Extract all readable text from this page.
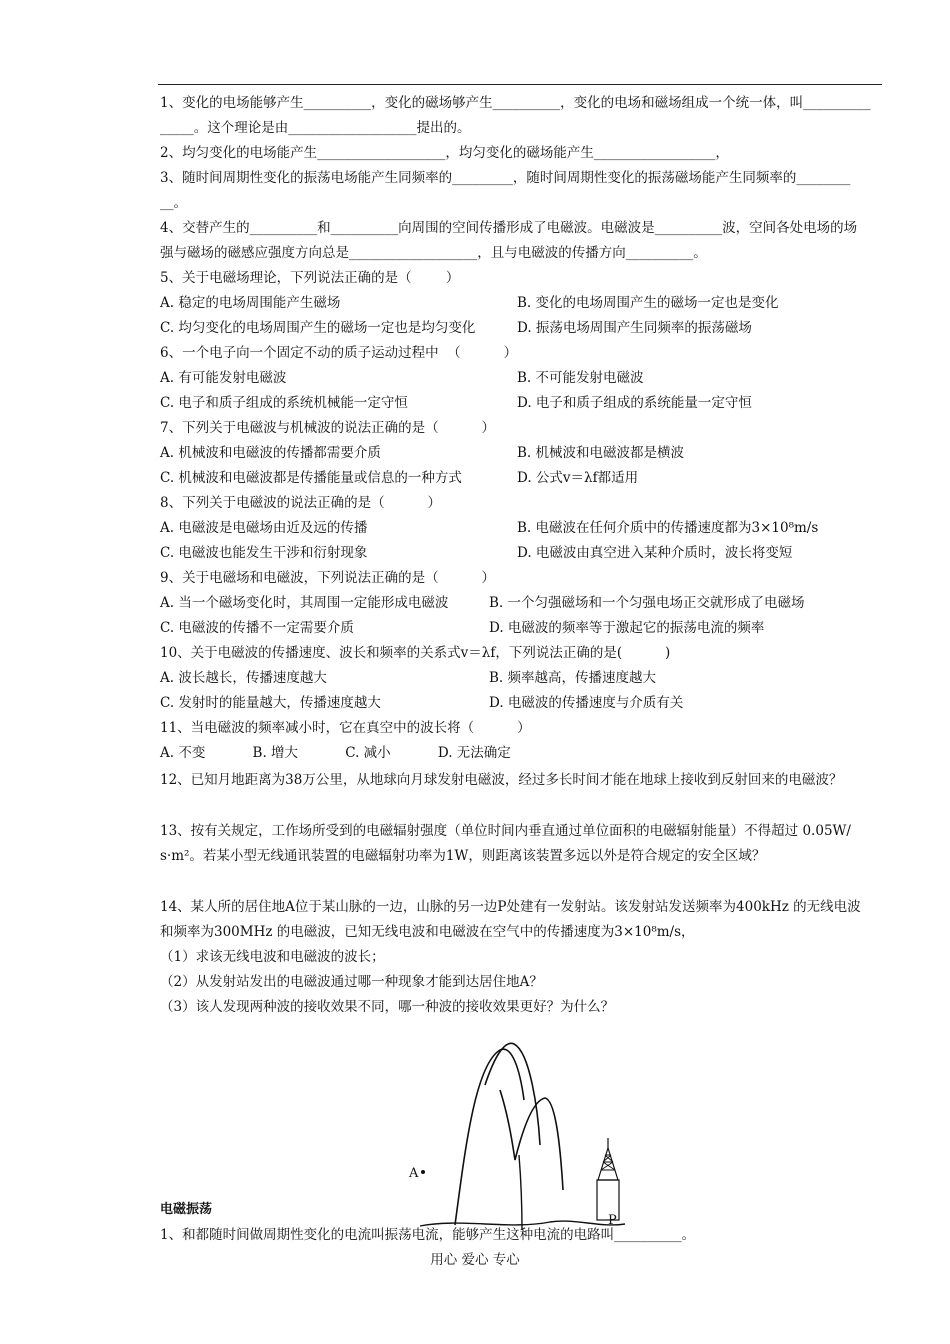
1、变化的电场能够产生__________，变化的磁场够产生__________，变化的电场和磁场组成一个统一体，叫__________
_____。这个理论是由___________________提出的。
2、均匀变化的电场能产生___________________，均匀变化的磁场能产生__________________，
3、随时间周期性变化的振荡电场能产生同频率的_________，随时间周期性变化的振荡磁场能产生同频率的________
__。
4、交替产生的__________和__________向周围的空间传播形成了电磁波。电磁波是__________波，空间各处电场的场
强与磁场的磁感应强度方向总是___________________，且与电磁波的传播方向__________。
5、关于电磁场理论，下列说法正确的是（        ）
A. 稳定的电场周围能产生磁场	B. 变化的电场周围产生的磁场一定也是变化
C. 均匀变化的电场周围产生的磁场一定也是均匀变化	D. 振荡电场周围产生同频率的振荡磁场
6、一个电子向一个固定不动的质子运动过程中  （          ）
A. 有可能发射电磁波	B. 不可能发射电磁波
C. 电子和质子组成的系统机械能一定守恒	D. 电子和质子组成的系统能量一定守恒
7、下列关于电磁波与机械波的说法正确的是（          ）
A. 机械波和电磁波的传播都需要介质	B. 机械波和电磁波都是横波
C. 机械波和电磁波都是传播能量或信息的一种方式	D. 公式v＝λf都适用
8、下列关于电磁波的说法正确的是（          ）
A. 电磁波是电磁场由近及远的传播	B. 电磁波在任何介质中的传播速度都为3×10⁸m/s
C. 电磁波也能发生干涉和衍射现象	D. 电磁波由真空进入某种介质时，波长将变短
9、关于电磁场和电磁波，下列说法正确的是（          ）
A. 当一个磁场变化时，其周围一定能形成电磁波	B. 一个匀强磁场和一个匀强电场正交就形成了电磁场
C. 电磁波的传播不一定需要介质	D. 电磁波的频率等于激起它的振荡电流的频率
10、关于电磁波的传播速度、波长和频率的关系式v＝λf，下列说法正确的是(          )
A. 波长越长，传播速度越大	B. 频率越高，传播速度越大
C. 发射时的能量越大，传播速度越大	D. 电磁波的传播速度与介质有关
11、当电磁波的频率减小时，它在真空中的波长将（          ）
A. 不变           B. 增大           C. 减小           D. 无法确定
12、已知月地距离为38万公里，从地球向月球发射电磁波，经过多长时间才能在地球上接收到反射回来的电磁波？
13、按有关规定，工作场所受到的电磁辐射强度（单位时间内垂直通过单位面积的电磁辐射能量）不得超过 0.05W/
s·m²。若某小型无线通讯装置的电磁辐射功率为1W，则距离该装置多远以外是符合规定的安全区域？
14、某人所的居住地A位于某山脉的一边，山脉的另一边P处建有一发射站。该发射站发送频率为400kHz 的无线电波
和频率为300MHz 的电磁波，已知无线电波和电磁波在空气中的传播速度为3×10⁸m/s，
（1）求该无线电波和电磁波的波长；
（2）从发射站发出的电磁波通过哪一种现象才能到达居住地A？
（3）该人发现两种波的接收效果不同，哪一种波的接收效果更好？为什么？
A
P
电磁振荡
1、和都随时间做周期性变化的电流叫振荡电流，能够产生这种电流的电路叫__________。
用心 爱心 专心
